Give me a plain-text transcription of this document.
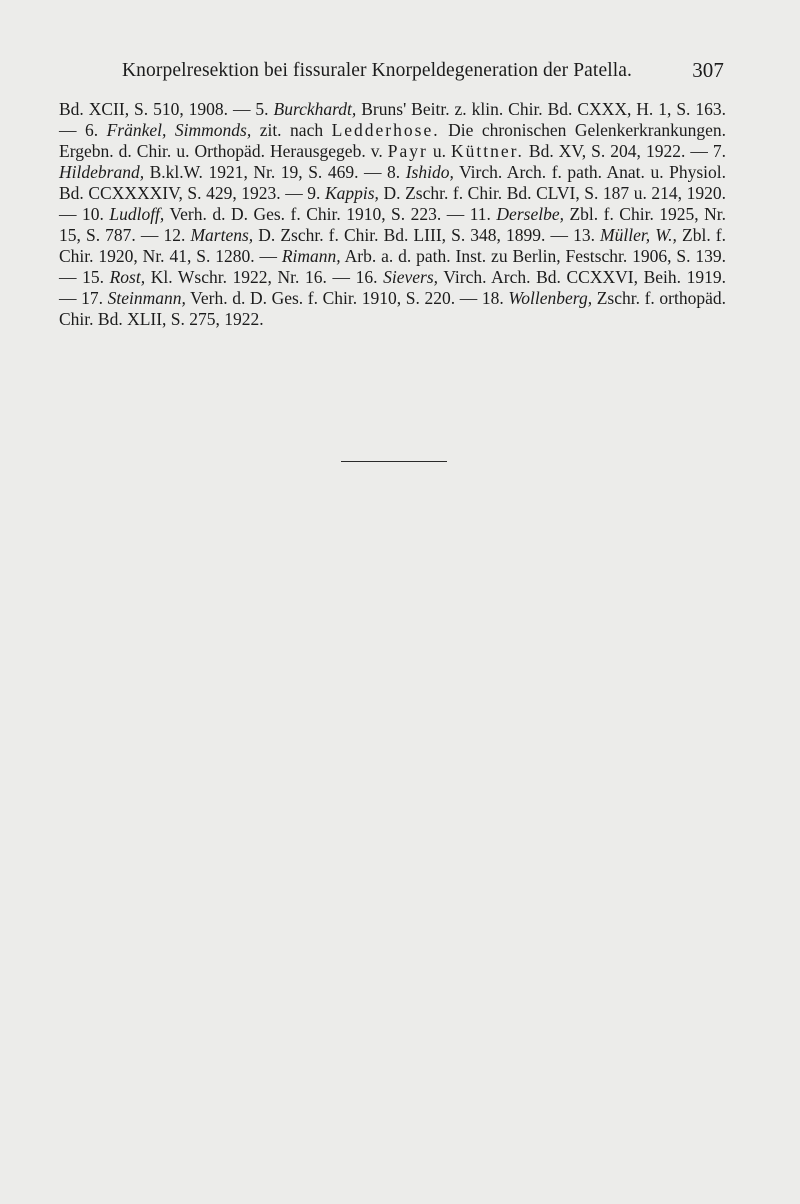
Knorpelresektion bei fissuraler Knorpeldegeneration der Patella.	307

Bd. XCII, S. 510, 1908. — 5. Burckhardt, Bruns' Beitr. z. klin. Chir. Bd. CXXX, H. 1, S. 163. — 6. Fränkel, Simmonds, zit. nach Ledderhose. Die chronischen Gelenkerkrankungen. Ergebn. d. Chir. u. Orthopäd. Herausgegeb. v. Payr u. Küttner. Bd. XV, S. 204, 1922. — 7. Hildebrand, B.kl.W. 1921, Nr. 19, S. 469. — 8. Ishido, Virch. Arch. f. path. Anat. u. Physiol. Bd. CCXXXXIV, S. 429, 1923. — 9. Kappis, D. Zschr. f. Chir. Bd. CLVI, S. 187 u. 214, 1920. — 10. Ludloff, Verh. d. D. Ges. f. Chir. 1910, S. 223. — 11. Derselbe, Zbl. f. Chir. 1925, Nr. 15, S. 787. — 12. Martens, D. Zschr. f. Chir. Bd. LIII, S. 348, 1899. — 13. Müller, W., Zbl. f. Chir. 1920, Nr. 41, S. 1280. — Rimann, Arb. a. d. path. Inst. zu Berlin, Festschr. 1906, S. 139. — 15. Rost, Kl. Wschr. 1922, Nr. 16. — 16. Sievers, Virch. Arch. Bd. CCXXVI, Beih. 1919. — 17. Steinmann, Verh. d. D. Ges. f. Chir. 1910, S. 220. — 18. Wollenberg, Zschr. f. orthopäd. Chir. Bd. XLII, S. 275, 1922.
